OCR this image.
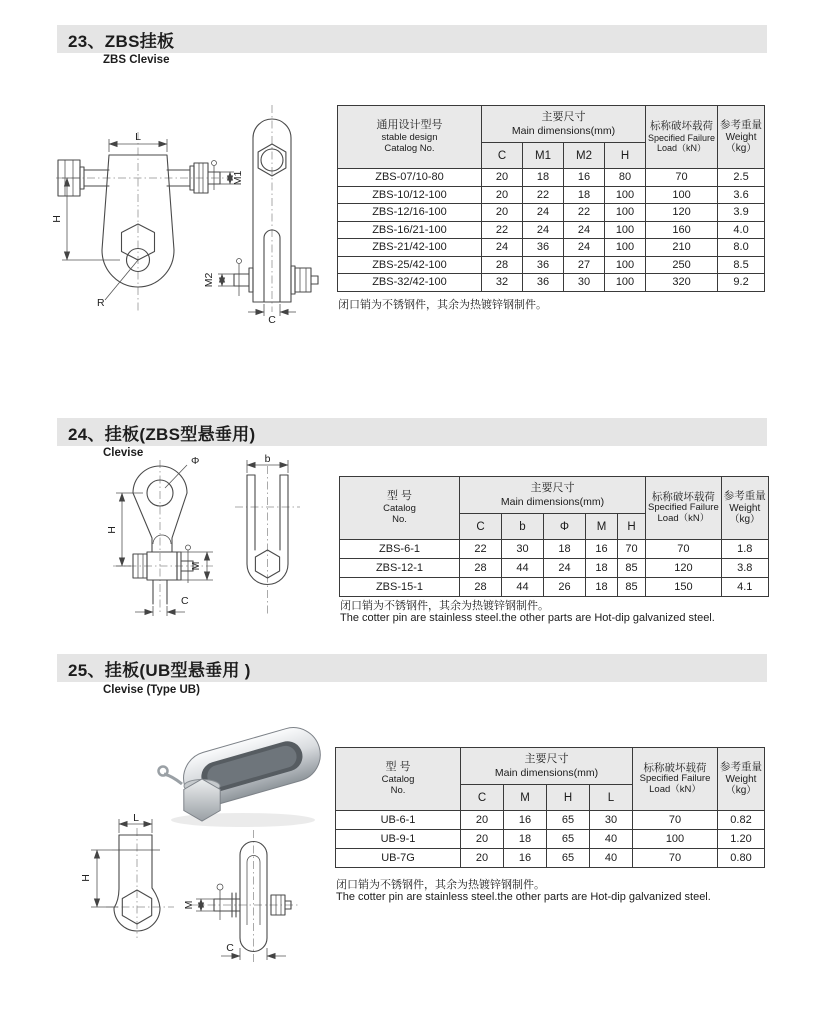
23、ZBS挂板
ZBS Clevise
L
H
M1
R
M2
C
通用设计型号
stable design
Catalog No.	主要尺寸
Main dimensions(mm)				标称破坏载荷
Specified Failure
Load（kN）	参考重量
Weight
（kg）

	C	M1	M2	H		
ZBS-07/10-80	20	18	16	80	70	2.5
ZBS-10/12-100	20	22	18	100	100	3.6
ZBS-12/16-100	20	24	22	100	120	3.9
ZBS-16/21-100	22	24	24	100	160	4.0
ZBS-21/42-100	24	36	24	100	210	8.0
ZBS-25/42-100	28	36	27	100	250	8.5
ZBS-32/42-100	32	36	30	100	320	9.2
闭口销为不锈钢件，其余为热镀锌钢制件。
24、挂板(ZBS型悬垂用)
Clevise
Φ
H
M
C
b
型 号
Catalog
No.	主要尺寸
Main dimensions(mm)					标称破坏载荷
Specified Failure
Load（kN）	参考重量
Weight
（kg）

	C	b	Φ	M	H		
ZBS-6-1	22	30	18	16	70	70	1.8
ZBS-12-1	28	44	24	18	85	120	3.8
ZBS-15-1	28	44	26	18	85	150	4.1
闭口销为不锈钢件，其余为热镀锌钢制件。
The cotter pin are stainless steel.the other parts are Hot-dip galvanized steel.
25、挂板(UB型悬垂用 )
Clevise (Type UB)
型 号
Catalog
No.	主要尺寸
Main dimensions(mm)				标称破坏载荷
Specified Failure
Load（kN）	参考重量
Weight
（kg）

	C	M	H	L		
UB-6-1	20	16	65	30	70	0.82
UB-9-1	20	18	65	40	100	1.20
UB-7G	20	16	65	40	70	0.80
闭口销为不锈钢件，其余为热镀锌钢制件。
The cotter pin are stainless steel.the other parts are Hot-dip galvanized steel.
L
H
M
C
